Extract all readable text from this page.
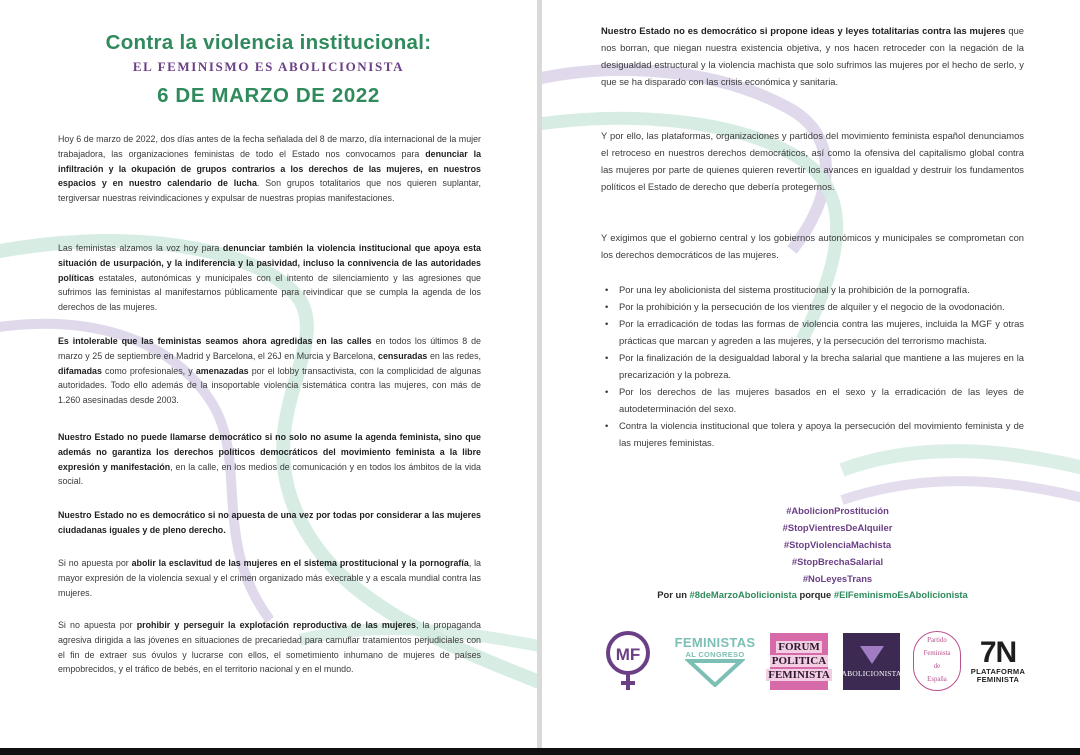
Contra la violencia institucional:
EL FEMINISMO ES ABOLICIONISTA
6 DE MARZO DE 2022
Hoy 6 de marzo de 2022, dos días antes de la fecha señalada del 8 de marzo, día internacional de la mujer trabajadora, las organizaciones feministas de todo el Estado nos convocamos para denunciar la infiltración y la okupación de grupos contrarios a los derechos de las mujeres, en nuestros espacios y en nuestro calendario de lucha. Son grupos totalitarios que nos quieren suplantar, tergiversar nuestras reivindicaciones y expulsar de nuestras propias manifestaciones.
Las feministas alzamos la voz hoy para denunciar también la violencia institucional que apoya esta situación de usurpación, y la indiferencia y la pasividad, incluso la connivencia de las autoridades políticas estatales, autonómicas y municipales con el intento de silenciamiento y las agresiones que sufrimos las feministas al manifestarnos públicamente para reivindicar que se cumpla la agenda de los derechos de las mujeres.
Es intolerable que las feministas seamos ahora agredidas en las calles en todos los últimos 8 de marzo y 25 de septiembre en Madrid y Barcelona, el 26J en Murcia y Barcelona, censuradas en las redes, difamadas como profesionales, y amenazadas por el lobby transactivista, con la complicidad de algunas autoridades. Todo ello además de la insoportable violencia sistemática contra las mujeres, con más de 1.260 asesinadas desde 2003.
Nuestro Estado no puede llamarse democrático si no solo no asume la agenda feminista, sino que además no garantiza los derechos políticos democráticos del movimiento feminista a la libre expresión y manifestación, en la calle, en los medios de comunicación y en todos los ámbitos de la vida social.
Nuestro Estado no es democrático si no apuesta de una vez por todas por considerar a las mujeres ciudadanas iguales y de pleno derecho.
Si no apuesta por abolir la esclavitud de las mujeres en el sistema prostitucional y la pornografía, la mayor expresión de la violencia sexual y el crimen organizado más execrable y a escala mundial contra las mujeres.
Si no apuesta por prohibir y perseguir la explotación reproductiva de las mujeres, la propaganda agresiva dirigida a las jóvenes en situaciones de precariedad para camuflar tratamientos perjudiciales con el fin de extraer sus óvulos y lucrarse con ellos, el sometimiento inhumano de mujeres de países empobrecidos, y el tráfico de bebés, en el territorio nacional y en el mundo.
Nuestro Estado no es democrático si propone ideas y leyes totalitarias contra las mujeres que nos borran, que niegan nuestra existencia objetiva, y nos hacen retroceder con la negación de la desigualdad estructural y la violencia machista que solo sufrimos las mujeres por el hecho de serlo, y que se ha disparado con las crisis económica y sanitaria.
Y por ello, las plataformas, organizaciones y partidos del movimiento feminista español denunciamos el retroceso en nuestros derechos democráticos, así como la ofensiva del capitalismo global contra las mujeres por parte de quienes quieren revertir los avances en igualdad y destruir los fundamentos políticos el Estado de derecho que debería protegernos.
Y exigimos que el gobierno central y los gobiernos autonómicos y municipales se comprometan con los derechos democráticos de las mujeres.
• Por una ley abolicionista del sistema prostitucional y la prohibición de la pornografía.
• Por la prohibición y la persecución de los vientres de alquiler y el negocio de la ovodonación.
• Por la erradicación de todas las formas de violencia contra las mujeres, incluida la MGF y otras prácticas que marcan y agreden a las mujeres, y la persecución del terrorismo machista.
• Por la finalización de la desigualdad laboral y la brecha salarial que mantiene a las mujeres en la precarización y la pobreza.
• Por los derechos de las mujeres basados en el sexo y la erradicación de las leyes de autodeterminación del sexo.
• Contra la violencia institucional que tolera y apoya la persecución del movimiento feminista y de las mujeres feministas.
#AbolicionProstitución
#StopVientresDeAlquiler
#StopViolenciaMachista
#StopBrechaSalarial
#NoLeyesTrans
Por un #8deMarzoAbolicionista porque #ElFeminismoEsAbolicionista
MF
FEMINISTAS
AL CONGRESO
FORUM
POLITICA
FEMINISTA ABOLICIONISTA
Partido
Feminista
de
España
7N
PLATAFORMA
FEMINISTA
